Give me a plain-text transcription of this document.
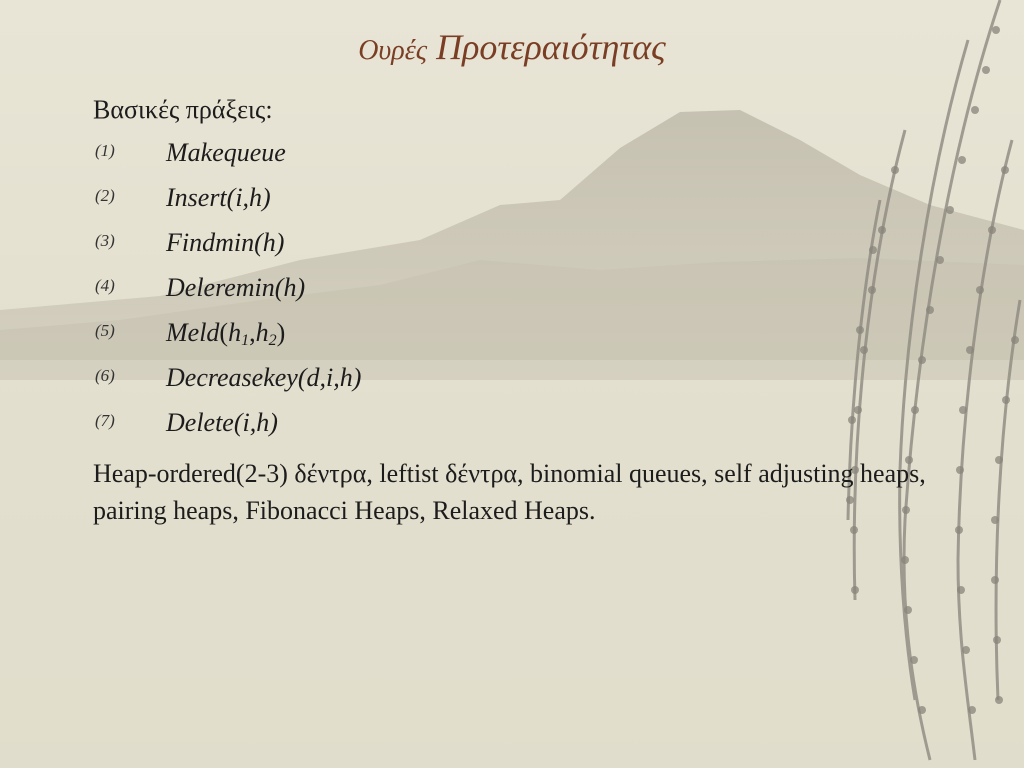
Ουρές Προτεραιότητας
Βασικές πράξεις:
(1) Makequeue
(2) Insert(i,h)
(3) Findmin(h)
(4) Deleremin(h)
(5) $Meld(h_1,h_2)$
(6) Decreasekey(d,i,h)
(7) Delete(i,h)
Heap-ordered(2-3) δέντρα, leftist δέντρα, binomial queues, self adjusting heaps, pairing heaps, Fibonacci Heaps, Relaxed Heaps.
